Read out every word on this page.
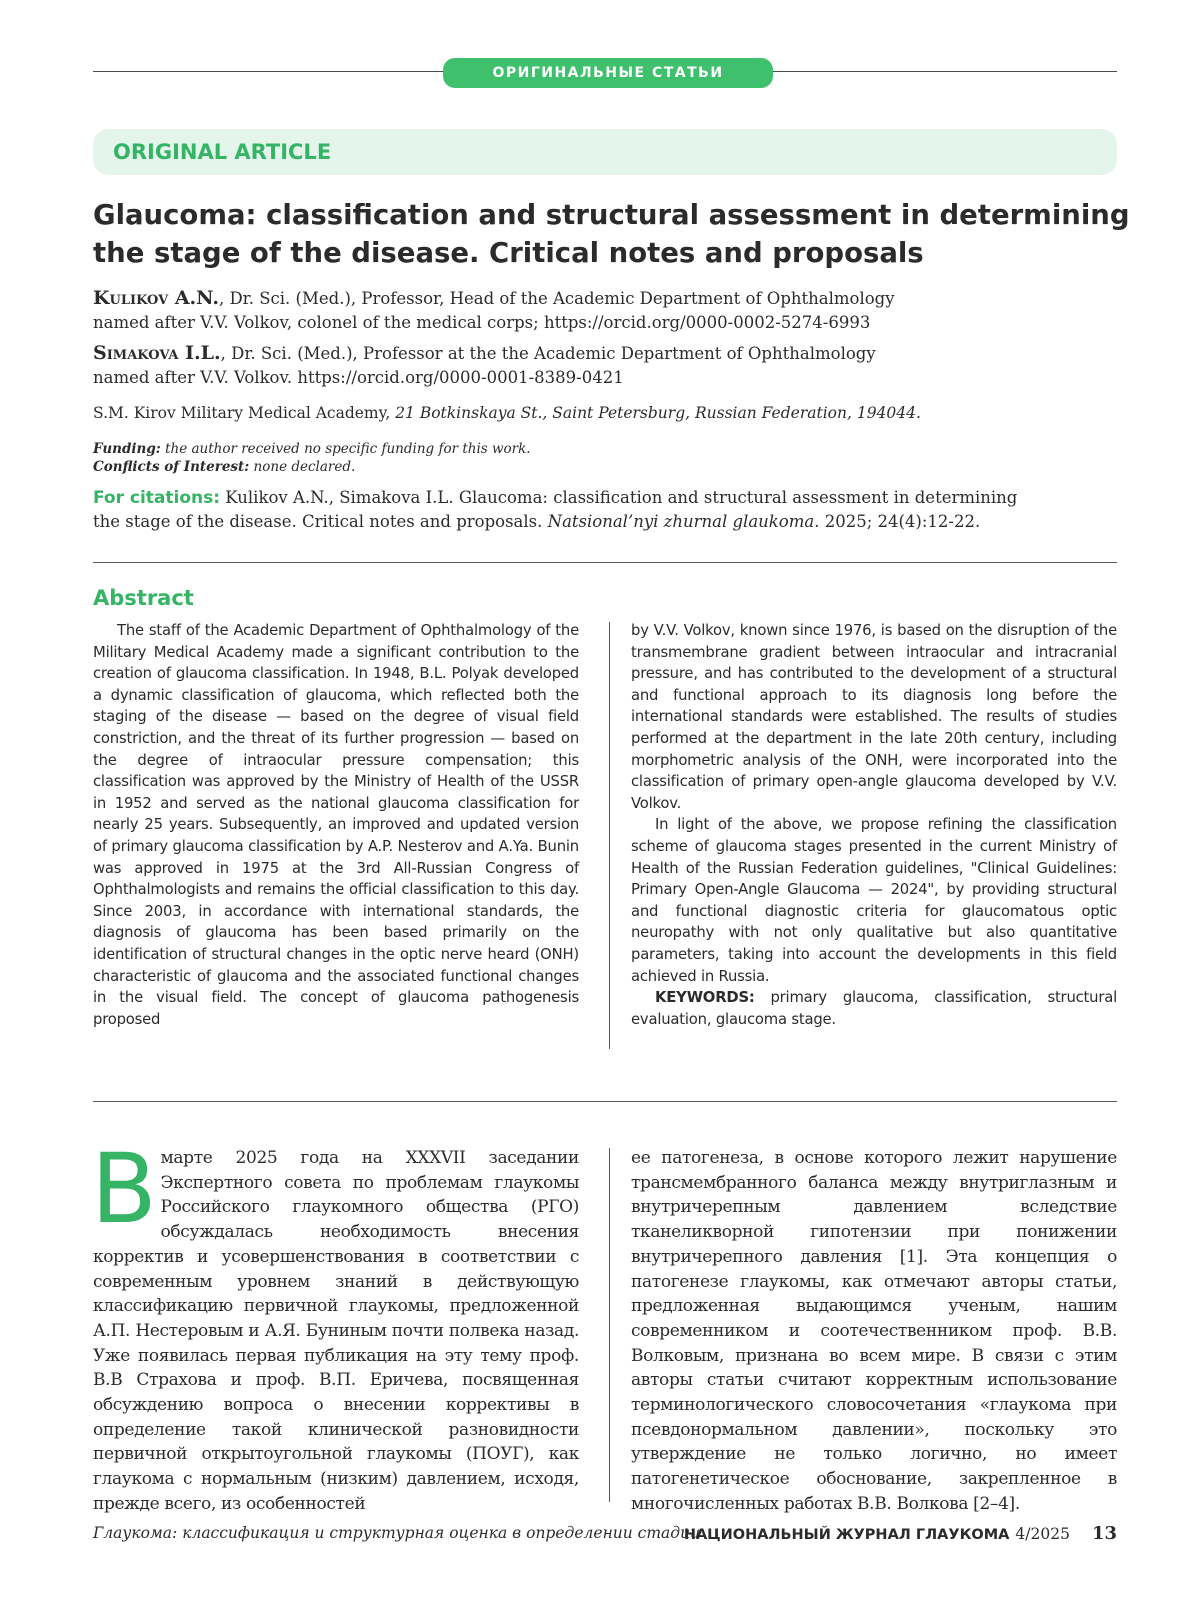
ОРИГИНАЛЬНЫЕ СТАТЬИ
ORIGINAL ARTICLE
Glaucoma: classification and structural assessment in determining
the stage of the disease. Critical notes and proposals
Kulikov A.N., Dr. Sci. (Med.), Professor, Head of the Academic Department of Ophthalmology
named after V.V. Volkov, colonel of the medical corps; https://orcid.org/0000-0002-5274-6993
Simakova I.L., Dr. Sci. (Med.), Professor at the the Academic Department of Ophthalmology
named after V.V. Volkov. https://orcid.org/0000-0001-8389-0421
S.M. Kirov Military Medical Academy, 21 Botkinskaya St., Saint Petersburg, Russian Federation, 194044.
Funding: the author received no specific funding for this work.
Conflicts of Interest: none declared.
For citations: Kulikov A.N., Simakova I.L. Glaucoma: classification and structural assessment in determining
the stage of the disease. Critical notes and proposals. Natsional’nyi zhurnal glaukoma. 2025; 24(4):12-22.
Abstract

The staff of the Academic Department of Ophthalmology of the Military Medical Academy made a significant contribution to the creation of glaucoma classification. In 1948, B.L. Polyak developed a dynamic classification of glaucoma, which reflected both the staging of the disease — based on the degree of visual field constriction, and the threat of its further progression — based on the degree of intraocular pressure compensation; this classification was approved by the Ministry of Health of the USSR in 1952 and served as the national glaucoma classification for nearly 25 years. Subsequently, an improved and updated version of primary glaucoma classification by A.P. Nesterov and A.Ya. Bunin was approved in 1975 at the 3rd All-Russian Congress of Ophthalmologists and remains the official classification to this day. Since 2003, in accordance with international standards, the diagnosis of glaucoma has been based primarily on the identification of structural changes in the optic nerve heard (ONH) characteristic of glaucoma and the associated functional changes in the visual field. The concept of glaucoma pathogenesis proposed

by V.V. Volkov, known since 1976, is based on the disruption of the transmembrane gradient between intraocular and intracranial pressure, and has contributed to the development of a structural and functional approach to its diagnosis long before the international standards were established. The results of studies performed at the department in the late 20th century, including morphometric analysis of the ONH, were incorporated into the classification of primary open-angle glaucoma developed by V.V. Volkov.

In light of the above, we propose refining the classification scheme of glaucoma stages presented in the current Ministry of Health of the Russian Federation guidelines, "Clinical Guidelines: Primary Open-Angle Glaucoma — 2024", by providing structural and functional diagnostic criteria for glaucomatous optic neuropathy with not only qualitative but also quantitative parameters, taking into account the developments in this field achieved in Russia.

KEYWORDS: primary glaucoma, classification, structural evaluation, glaucoma stage.

В марте 2025 года на XXXVII заседании Экспертного совета по проблемам глаукомы Российского глаукомного общества (РГО) обсуждалась необходимость внесения корректив и усовершенствования в соответствии с современным уровнем знаний в действующую классификацию первичной глаукомы, предложенной А.П. Нестеровым и А.Я. Буниным почти полвека назад. Уже появилась первая публикация на эту тему проф. В.В Страхова и проф. В.П. Еричева, посвященная обсуждению вопроса о внесении коррективы в определение такой клинической разновидности первичной открытоугольной глаукомы (ПОУГ), как глаукома с нормальным (низким) давлением, исходя, прежде всего, из особенностей
ее патогенеза, в основе которого лежит нарушение трансмембранного баланса между внутриглазным и внутричерепным давлением вследствие тканеликворной гипотензии при понижении внутричерепного давления [1]. Эта концепция о патогенезе глаукомы, как отмечают авторы статьи, предложенная выдающимся ученым, нашим современником и соотечественником проф. В.В. Волковым, признана во всем мире. В связи с этим авторы статьи считают корректным использование терминологического словосочетания «глаукома при псевдонормальном давлении», поскольку это утверждение не только логично, но имеет патогенетическое обоснование, закрепленное в многочисленных работах В.В. Волкова [2–4].
Глаукома: классификация и структурная оценка в определении стадии
НАЦИОНАЛЬНЫЙ ЖУРНАЛ ГЛАУКОМА 4/2025 13
